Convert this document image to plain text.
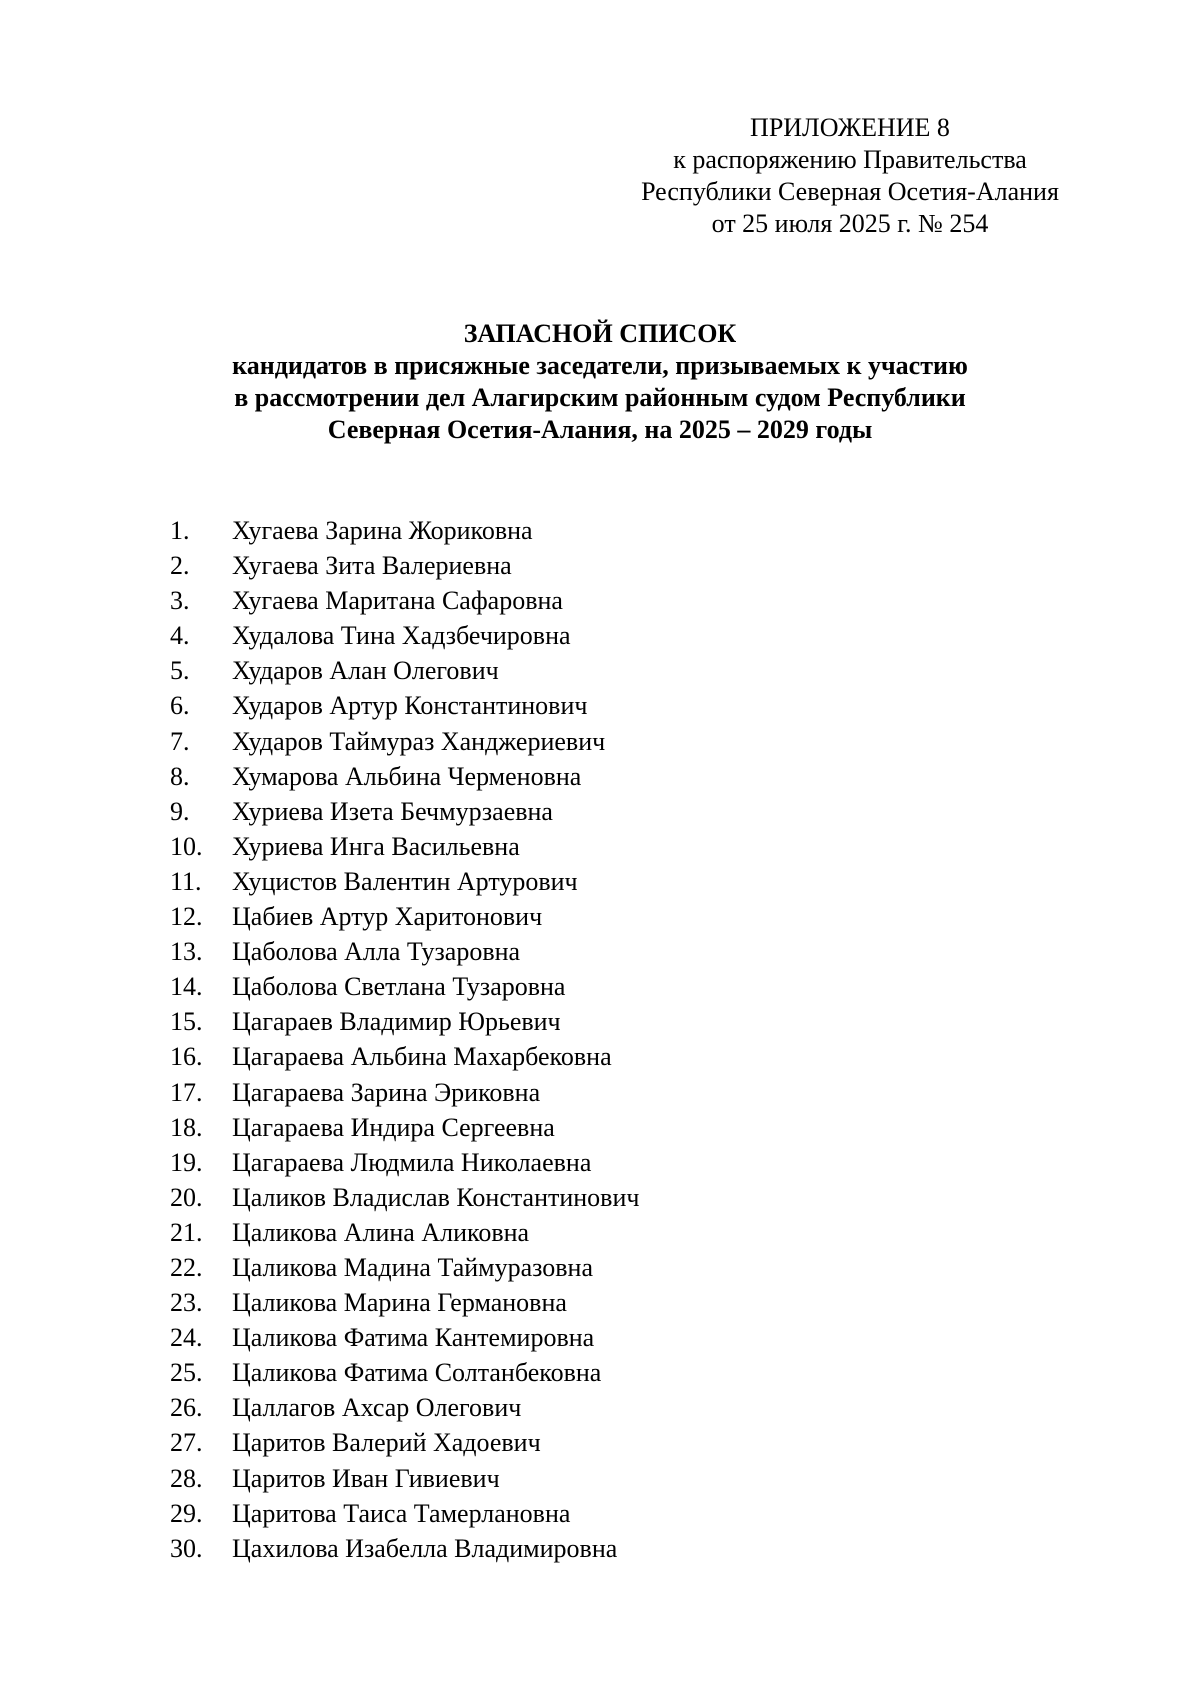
ПРИЛОЖЕНИЕ 8
к распоряжению Правительства
Республики Северная Осетия-Алания
от 25 июля 2025 г. № 254
ЗАПАСНОЙ СПИСОК
кандидатов в присяжные заседатели, призываемых к участию
в рассмотрении дел Алагирским районным судом Республики
Северная Осетия-Алания, на 2025 – 2029 годы
1. Хугаева Зарина Жориковна
2. Хугаева Зита Валериевна
3. Хугаева Маритана Сафаровна
4. Худалова Тина Хадзбечировна
5. Хударов Алан Олегович
6. Хударов Артур Константинович
7. Хударов Таймураз Ханджериевич
8. Хумарова Альбина Черменовна
9. Хуриева Изета Бечмурзаевна
10. Хуриева Инга Васильевна
11. Хуцистов Валентин Артурович
12. Цабиев Артур Харитонович
13. Цаболова Алла Тузаровна
14. Цаболова Светлана Тузаровна
15. Цагараев Владимир Юрьевич
16. Цагараева Альбина Махарбековна
17. Цагараева Зарина Эриковна
18. Цагараева Индира Сергеевна
19. Цагараева Людмила Николаевна
20. Цаликов Владислав Константинович
21. Цаликова Алина Аликовна
22. Цаликова Мадина Таймуразовна
23. Цаликова Марина Германовна
24. Цаликова Фатима Кантемировна
25. Цаликова Фатима Солтанбековна
26. Цаллагов Ахсар Олегович
27. Царитов Валерий Хадоевич
28. Царитов Иван Гивиевич
29. Царитова Таиса Тамерлановна
30. Цахилова Изабелла Владимировна
